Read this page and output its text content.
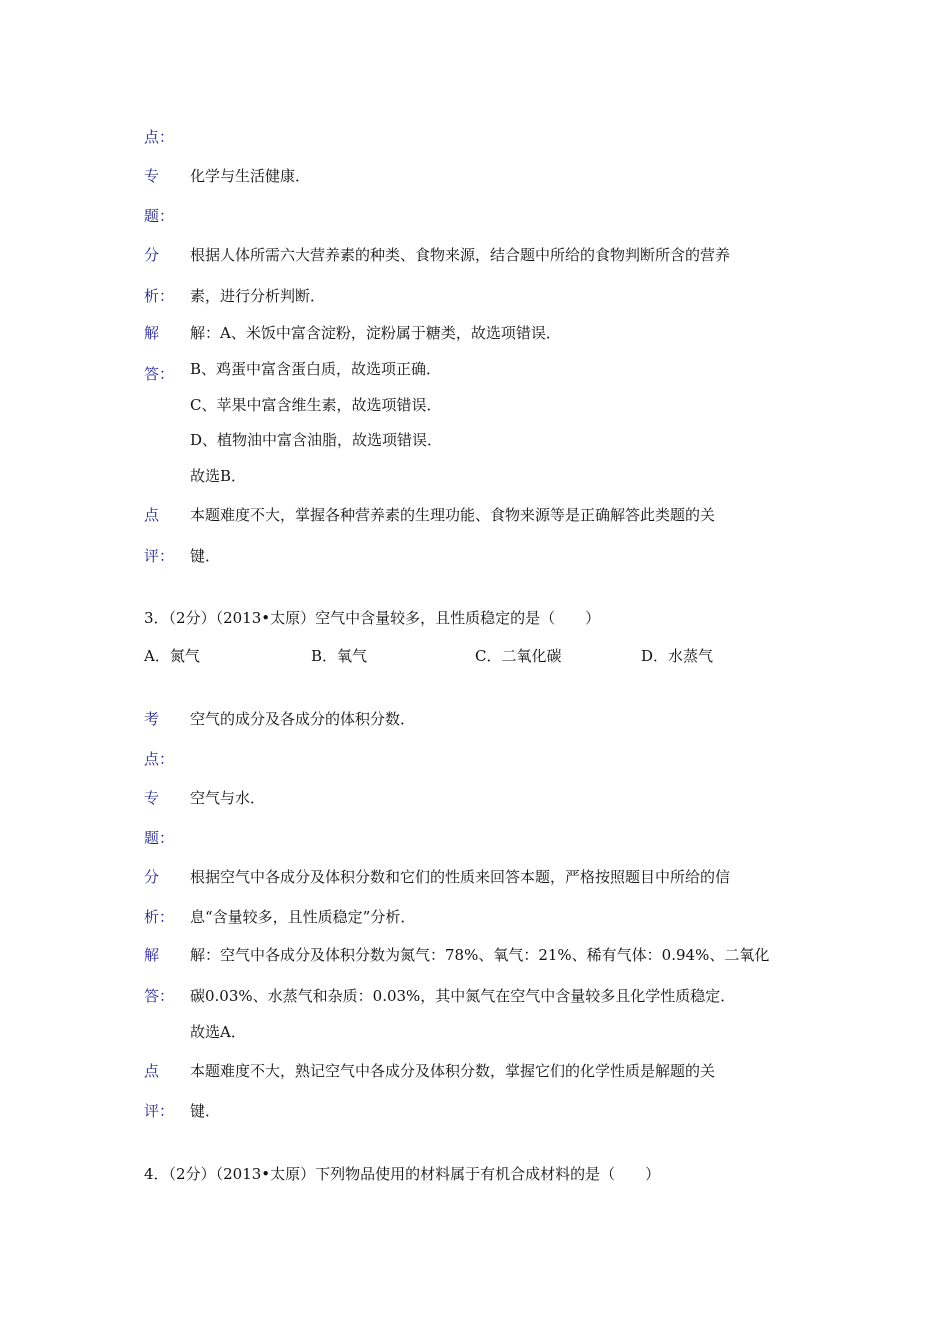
点：
专 化学与生活健康．
题：
分 根据人体所需六大营养素的种类、食物来源，结合题中所给的食物判断所含的营养
析： 素，进行分析判断．
解 解：A、米饭中富含淀粉，淀粉属于糖类，故选项错误．
答： B、鸡蛋中富含蛋白质，故选项正确．
C、苹果中富含维生素，故选项错误．
D、植物油中富含油脂，故选项错误．
故选B．
点 本题难度不大，掌握各种营养素的生理功能、食物来源等是正确解答此类题的关
评： 键．
3．（2分）（2013•太原）空气中含量较多，且性质稳定的是（　　）
A．氮气	B．氧气	C．二氧化碳	D．水蒸气
考 空气的成分及各成分的体积分数．
点：
专 空气与水．
题：
分 根据空气中各成分及体积分数和它们的性质来回答本题，严格按照题目中所给的信
析： 息“含量较多，且性质稳定”分析．
解 解：空气中各成分及体积分数为氮气：78%、氧气：21%、稀有气体：0.94%、二氧化
答： 碳0.03%、水蒸气和杂质：0.03%，其中氮气在空气中含量较多且化学性质稳定．
故选A．
点 本题难度不大，熟记空气中各成分及体积分数，掌握它们的化学性质是解题的关
评： 键．
4．（2分）（2013•太原）下列物品使用的材料属于有机合成材料的是（　　）
